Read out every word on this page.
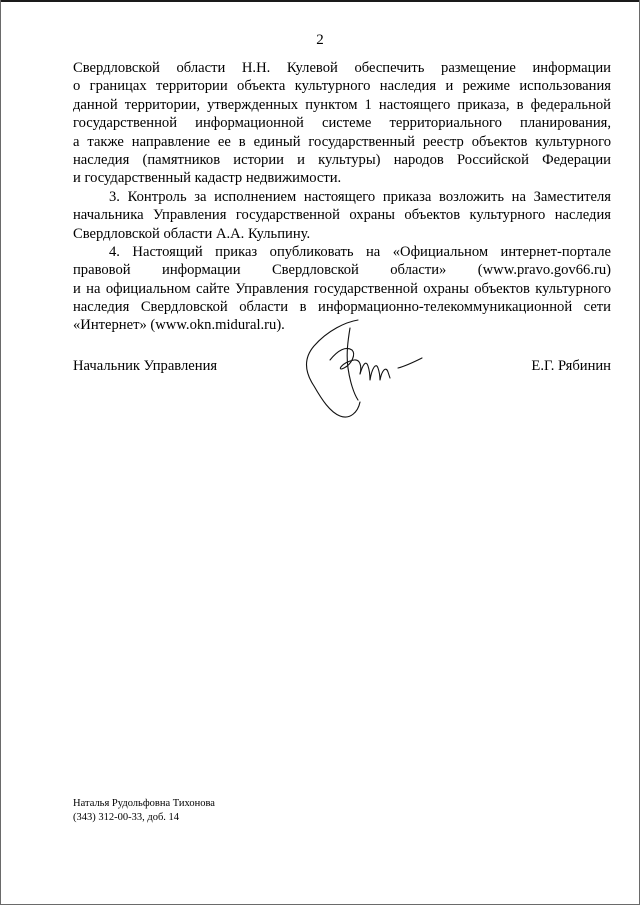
2
Свердловской области Н.Н. Кулевой обеспечить размещение информации
о границах территории объекта культурного наследия и режиме использования
данной территории, утвержденных пунктом 1 настоящего приказа, в федеральной
государственной информационной системе территориального планирования,
а также направление ее в единый государственный реестр объектов культурного
наследия (памятников истории и культуры) народов Российской Федерации
и государственный кадастр недвижимости.
3. Контроль за исполнением настоящего приказа возложить на Заместителя
начальника Управления государственной охраны объектов культурного наследия
Свердловской области А.А. Кульпину.
4. Настоящий приказ опубликовать на «Официальном интернет-портале
правовой информации Свердловской области» (www.pravo.gov66.ru)
и на официальном сайте Управления государственной охраны объектов культурного
наследия Свердловской области в информационно-телекоммуникационной сети
«Интернет» (www.okn.midural.ru).
Начальник Управления	Е.Г. Рябинин
Наталья Рудольфовна Тихонова
(343) 312-00-33, доб. 14
